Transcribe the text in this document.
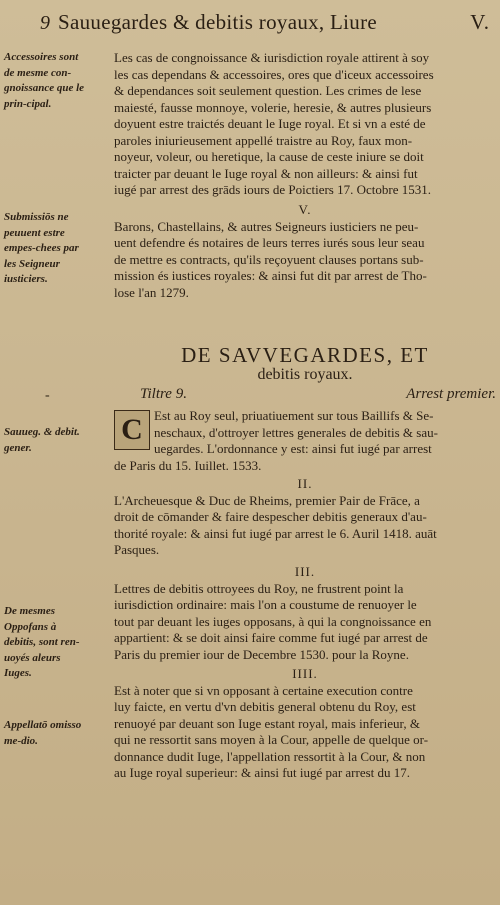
9 Sauuegardes & debitis royaux, Liure	V.
Accessoires sont de mesme con-gnoissance que le prin-cipal.
Submissiōs ne peuuent estre empes-chees par les Seigneur iusticiers.
Sauueg. & debit. gener.
De mesmes Oppofans à debitis, sont ren-uoyés aleurs Iuges.
Appellatō omisso me-dio.
Les cas de congnoissance & iurisdiction royale attirent à soy
les cas dependans & accessoires, ores que d'iceux accessoires
& dependances soit seulement question. Les crimes de lese
maiesté, fausse monnoye, volerie, heresie, & autres plusieurs
doyuent estre traictés deuant le Iuge royal. Et si vn a esté de
paroles iniurieusement appellé traistre au Roy, faux mon-
noyeur, voleur, ou heretique, la cause de ceste iniure se doit
traicter par deuant le Iuge royal & non ailleurs: & ainsi fut
iugé par arrest des grāds iours de Poictiers 17. Octobre 1531.
V.
Barons, Chastellains, & autres Seigneurs iusticiers ne peu-
uent defendre és notaires de leurs terres iurés sous leur seau
de mettre es contracts, qu'ils reçoyuent clauses portans sub-
mission és iustices royales: & ainsi fut dit par arrest de Tho-
lose l'an 1279.
DE SAVVEGARDES, ET
debitis royaux.
-	Tiltre 9.	Arrest premier.
C Est au Roy seul, priuatiuement sur tous Baillifs & Se-
neschaux, d'ottroyer lettres generales de debitis & sau-
uegardes. L'ordonnance y est: ainsi fut iugé par arrest
de Paris du 15. Iuillet. 1533.
II.
L'Archeuesque & Duc de Rheims, premier Pair de Frāce, a
droit de cōmander & faire despescher debitis generaux d'au-
thorité royale: & ainsi fut iugé par arrest le 6. Auril 1418. auāt
Pasques.
III.
Lettres de debitis ottroyees du Roy, ne frustrent point la
iurisdiction ordinaire: mais l'on a coustume de renuoyer le
tout par deuant les iuges opposans, à qui la congnoissance en
appartient: & se doit ainsi faire comme fut iugé par arrest de
Paris du premier iour de Decembre 1530. pour la Royne.
IIII.
Est à noter que si vn opposant à certaine execution contre
luy faicte, en vertu d'vn debitis general obtenu du Roy, est
renuoyé par deuant son Iuge estant royal, mais inferieur, &
qui ne ressortit sans moyen à la Cour, appelle de quelque or-
donnance dudit Iuge, l'appellation ressortit à la Cour, & non
au Iuge royal superieur: & ainsi fut iugé par arrest du 17.
